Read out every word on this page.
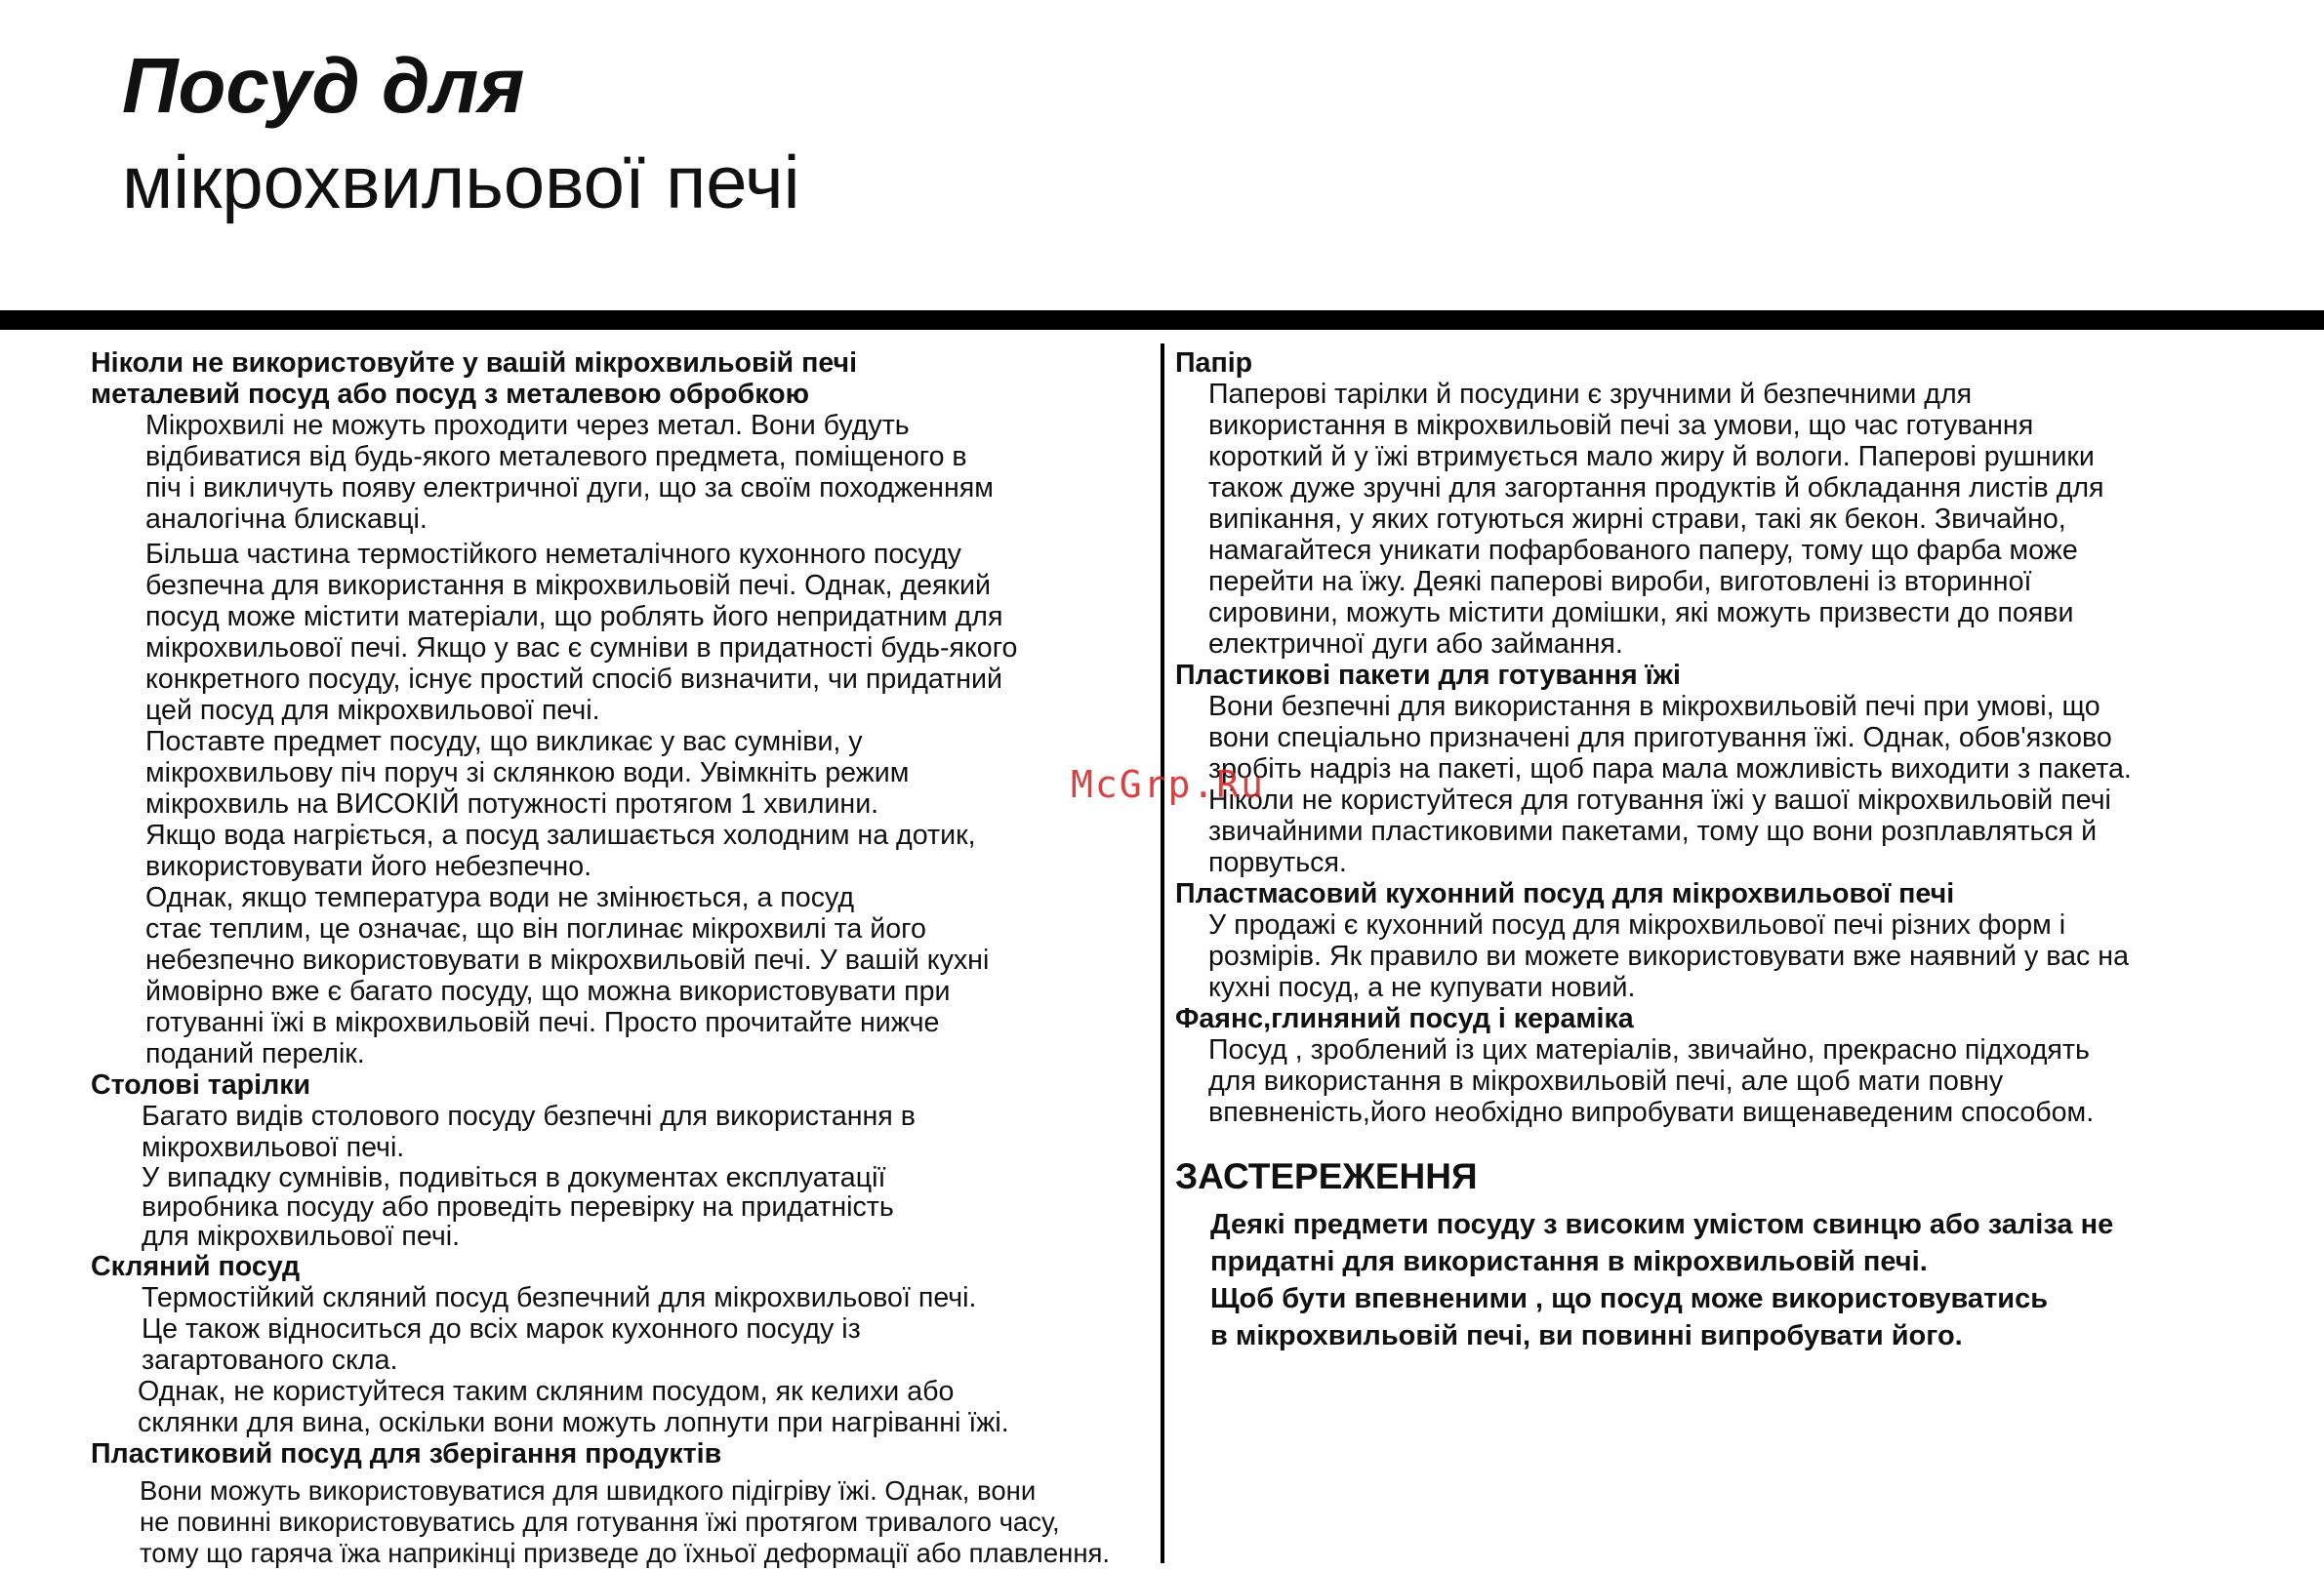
Посуд для
мікрохвильової печі
Ніколи не використовуйте у вашій мікрохвильовій печі
металевий посуд або посуд з металевою обробкою
Мікрохвилі не можуть проходити через метал. Вони будуть
відбиватися від будь-якого металевого предмета, поміщеного в
піч і викличуть появу електричної дуги, що за своїм походженням
аналогічна блискавці.
Більша частина термостійкого неметалічного кухонного посуду
безпечна для використання в мікрохвильовій печі. Однак, деякий
посуд може містити матеріали, що роблять його непридатним для
мікрохвильової печі. Якщо у вас є сумніви в придатності будь-якого
конкретного посуду, існує простий спосіб визначити, чи придатний
цей посуд для мікрохвильової печі.
Поставте предмет посуду, що викликає у вас сумніви, у
мікрохвильову піч поруч зі склянкою води. Увімкніть режим
мікрохвиль на ВИСОКІЙ потужності протягом 1 хвилини.
Якщо вода нагріється, а посуд залишається холодним на дотик,
використовувати його небезпечно.
Однак, якщо температура води не змінюється, а посуд
стає теплим, це означає, що він поглинає мікрохвилі та його
небезпечно використовувати в мікрохвильовій печі. У вашій кухні
ймовірно вже є багато посуду, що можна використовувати при
готуванні їжі в мікрохвильовій печі. Просто прочитайте нижче
поданий перелік.
Столові тарілки
Багато видів столового посуду безпечні для використання в
мікрохвильової печі.
У випадку сумнівів, подивіться в документах експлуатації
виробника посуду або проведіть перевірку на придатність
для мікрохвильової печі.
Скляний посуд
Термостійкий скляний посуд безпечний для мікрохвильової печі.
Це також відноситься до всіх марок кухонного посуду із
загартованого скла.
Однак, не користуйтеся таким скляним посудом, як келихи або
склянки для вина, оскільки вони можуть лопнути при нагріванні їжі.
Пластиковий посуд для зберігання продуктів
Вони можуть використовуватися для швидкого підігріву їжі. Однак, вони
не повинні використовуватись для готування їжі протягом тривалого часу,
тому що гаряча їжа наприкінці призведе до їхньої деформації або плавлення.
Папір
Паперові тарілки й посудини є зручними й безпечними для
використання в мікрохвильовій печі за умови, що час готування
короткий й у їжі втримується мало жиру й вологи. Паперові рушники
також дуже зручні для загортання продуктів й обкладання листів для
випікання, у яких готуються жирні страви, такі як бекон. Звичайно,
намагайтеся уникати пофарбованого паперу, тому що фарба може
перейти на їжу. Деякі паперові вироби, виготовлені із вторинної
сировини, можуть містити домішки, які можуть призвести до появи
електричної дуги або займання.
Пластикові пакети для готування їжі
Вони безпечні для використання в мікрохвильовій печі при умові, що
вони спеціально призначені для приготування їжі. Однак, обов'язково
зробіть надріз на пакеті, щоб пара мала можливість виходити з пакета.
Ніколи не користуйтеся для готування їжі у вашої мікрохвильовій печі
звичайними пластиковими пакетами, тому що вони розплавляться й
порвуться.
Пластмасовий кухонний посуд для мікрохвильової печі
У продажі є кухонний посуд для мікрохвильової печі різних форм і
розмірів. Як правило ви можете використовувати вже наявний у вас на
кухні посуд, а не купувати новий.
Фаянс,глиняний посуд і кераміка
Посуд , зроблений із цих матеріалів, звичайно, прекрасно підходять
для використання в мікрохвильовій печі, але щоб мати повну
впевненість,його необхідно випробувати вищенаведеним способом.
ЗАСТЕРЕЖЕННЯ
Деякі предмети посуду з високим умістом свинцю або заліза не
придатні для використання в мікрохвильовій печі.
Щоб бути впевненими , що посуд може використовуватись
в мікрохвильовій печі, ви повинні випробувати його.
McGrp.Ru
